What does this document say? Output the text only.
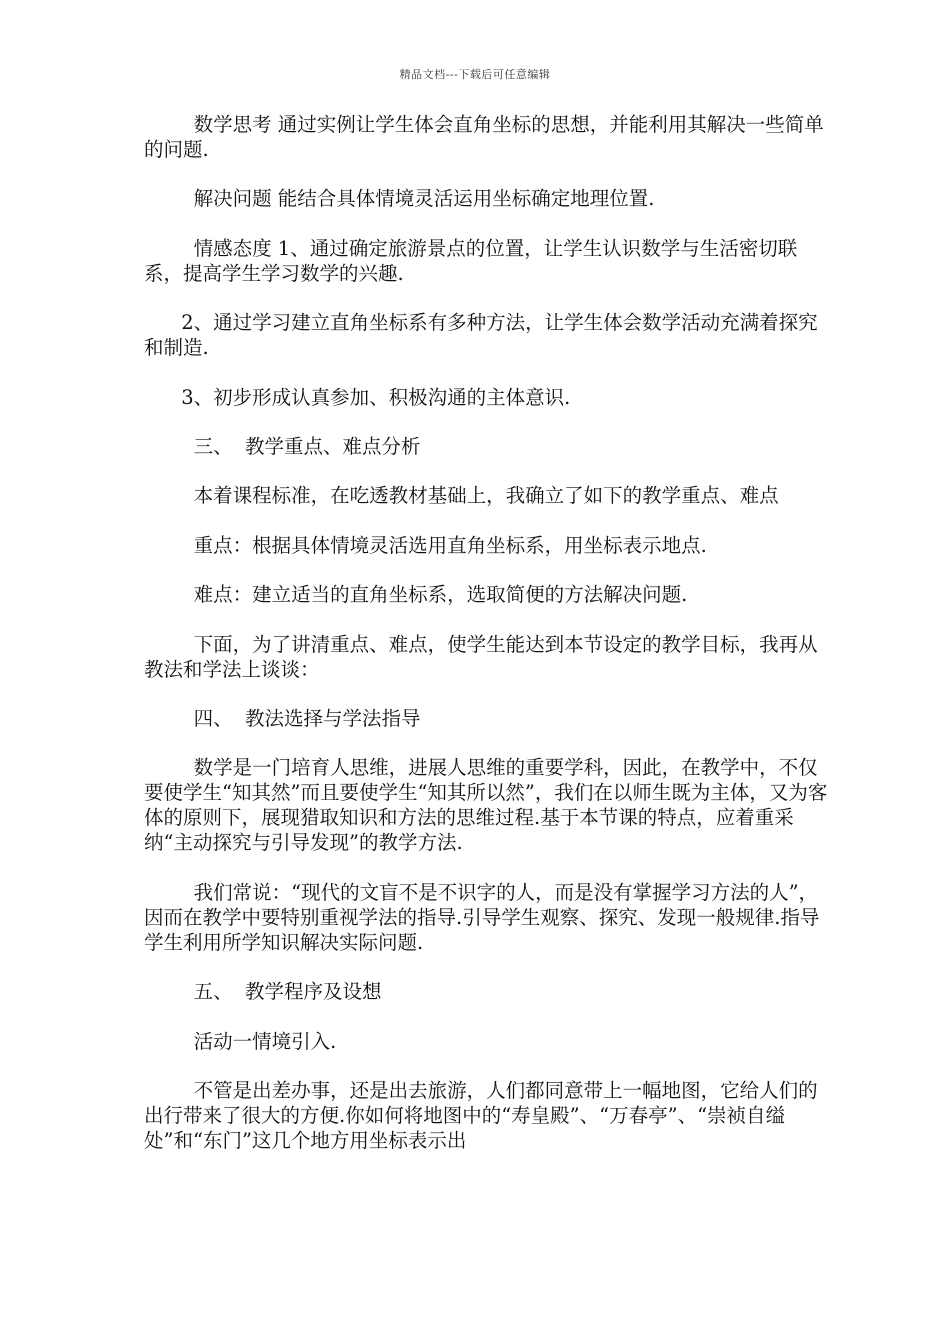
精品文档---下载后可任意编辑

数学思考 通过实例让学生体会直角坐标的思想，并能利用其解决一些简单的问题.

解决问题 能结合具体情境灵活运用坐标确定地理位置.

情感态度 1、通过确定旅游景点的位置，让学生认识数学与生活密切联系，提高学生学习数学的兴趣.

2、通过学习建立直角坐标系有多种方法，让学生体会数学活动充满着探究和制造.

3、初步形成认真参加、积极沟通的主体意识.

三、  教学重点、难点分析

本着课程标准，在吃透教材基础上，我确立了如下的教学重点、难点

重点：根据具体情境灵活选用直角坐标系，用坐标表示地点.

难点：建立适当的直角坐标系，选取简便的方法解决问题.

下面，为了讲清重点、难点，使学生能达到本节设定的教学目标，我再从教法和学法上谈谈：

四、  教法选择与学法指导

数学是一门培育人思维，进展人思维的重要学科，因此，在教学中，不仅要使学生“知其然”而且要使学生“知其所以然”，我们在以师生既为主体，又为客体的原则下，展现猎取知识和方法的思维过程.基于本节课的特点，应着重采纳“主动探究与引导发现”的教学方法.

我们常说：“现代的文盲不是不识字的人，而是没有掌握学习方法的人”，因而在教学中要特别重视学法的指导.引导学生观察、探究、发现一般规律.指导学生利用所学知识解决实际问题.

五、  教学程序及设想

活动一情境引入.

不管是出差办事，还是出去旅游，人们都同意带上一幅地图，它给人们的出行带来了很大的方便.你如何将地图中的“寿皇殿”、“万春亭”、“崇祯自缢处”和“东门”这几个地方用坐标表示出
